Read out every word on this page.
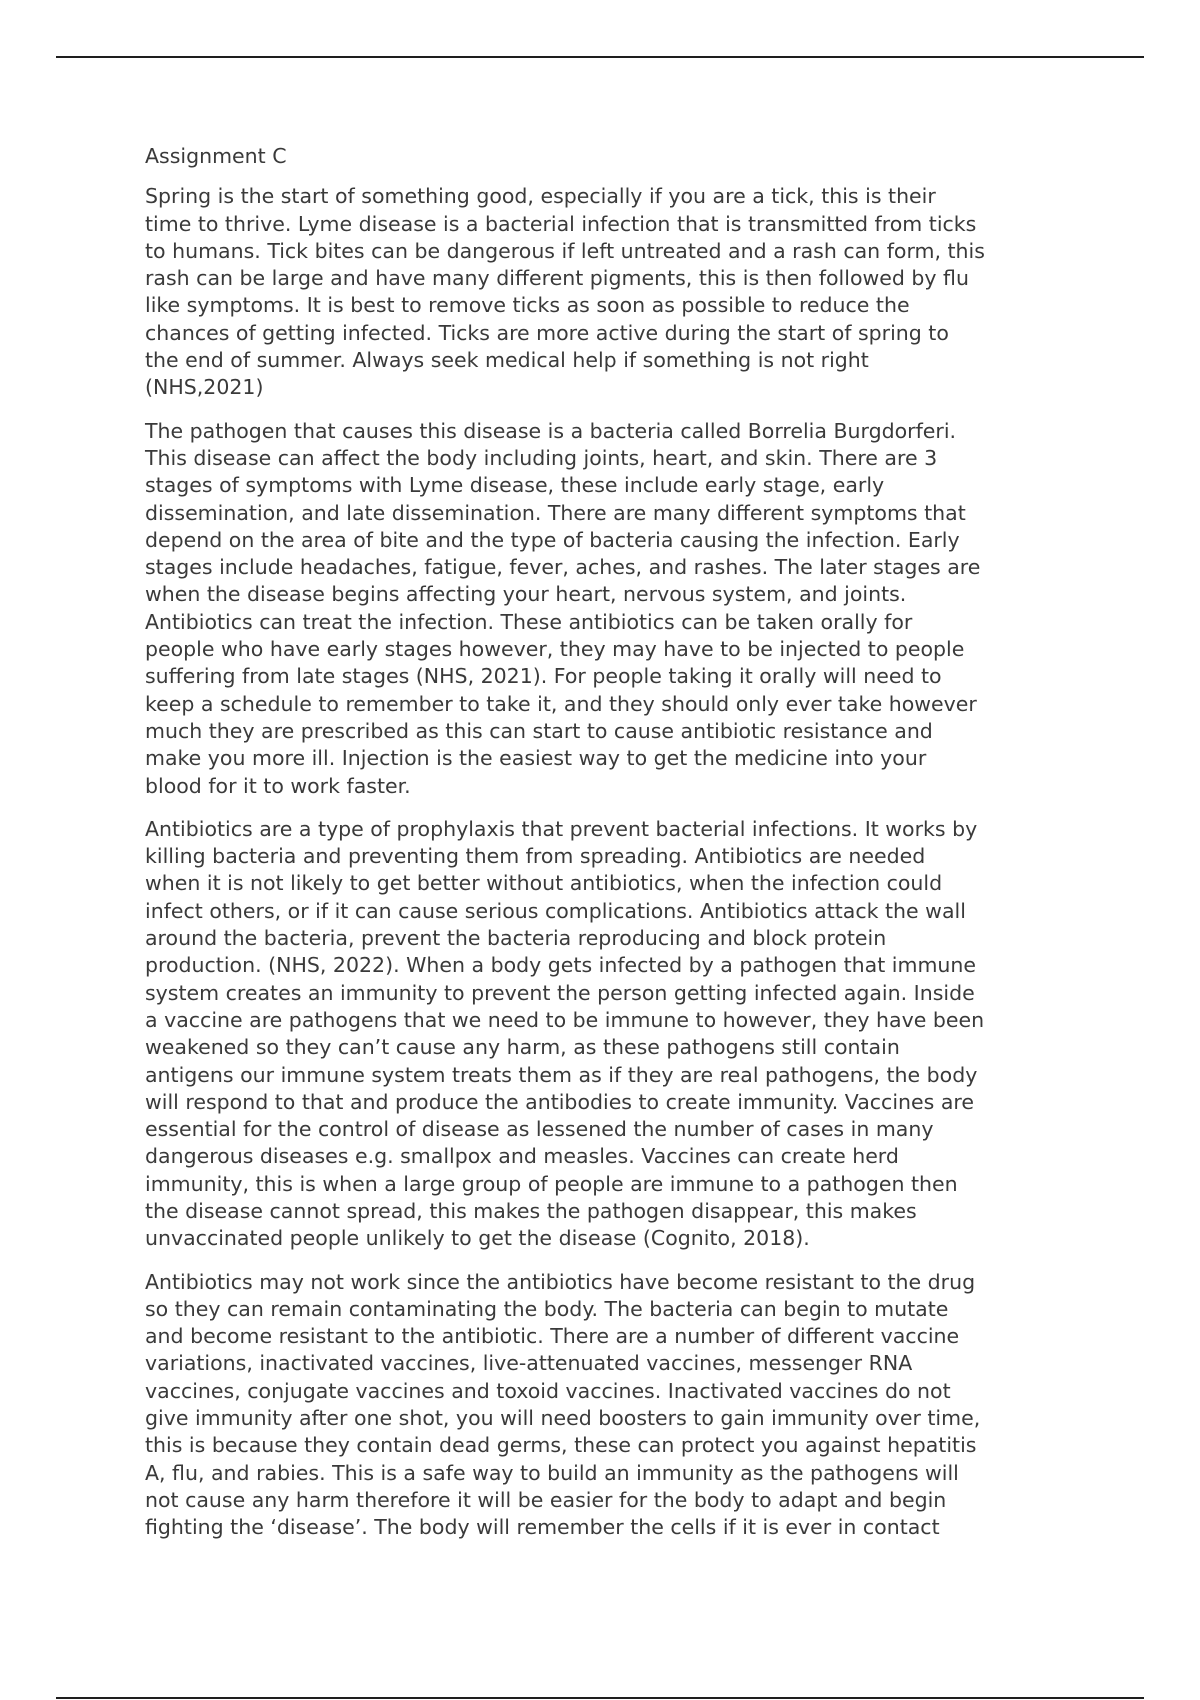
Assignment C

Spring is the start of something good, especially if you are a tick, this is their
time to thrive. Lyme disease is a bacterial infection that is transmitted from ticks
to humans. Tick bites can be dangerous if left untreated and a rash can form, this
rash can be large and have many different pigments, this is then followed by flu
like symptoms. It is best to remove ticks as soon as possible to reduce the
chances of getting infected. Ticks are more active during the start of spring to
the end of summer. Always seek medical help if something is not right
(NHS,2021)

The pathogen that causes this disease is a bacteria called Borrelia Burgdorferi.
This disease can affect the body including joints, heart, and skin. There are 3
stages of symptoms with Lyme disease, these include early stage, early
dissemination, and late dissemination. There are many different symptoms that
depend on the area of bite and the type of bacteria causing the infection. Early
stages include headaches, fatigue, fever, aches, and rashes. The later stages are
when the disease begins affecting your heart, nervous system, and joints.
Antibiotics can treat the infection. These antibiotics can be taken orally for
people who have early stages however, they may have to be injected to people
suffering from late stages (NHS, 2021). For people taking it orally will need to
keep a schedule to remember to take it, and they should only ever take however
much they are prescribed as this can start to cause antibiotic resistance and
make you more ill. Injection is the easiest way to get the medicine into your
blood for it to work faster.

Antibiotics are a type of prophylaxis that prevent bacterial infections. It works by
killing bacteria and preventing them from spreading. Antibiotics are needed
when it is not likely to get better without antibiotics, when the infection could
infect others, or if it can cause serious complications. Antibiotics attack the wall
around the bacteria, prevent the bacteria reproducing and block protein
production. (NHS, 2022). When a body gets infected by a pathogen that immune
system creates an immunity to prevent the person getting infected again. Inside
a vaccine are pathogens that we need to be immune to however, they have been
weakened so they can’t cause any harm, as these pathogens still contain
antigens our immune system treats them as if they are real pathogens, the body
will respond to that and produce the antibodies to create immunity. Vaccines are
essential for the control of disease as lessened the number of cases in many
dangerous diseases e.g. smallpox and measles. Vaccines can create herd
immunity, this is when a large group of people are immune to a pathogen then
the disease cannot spread, this makes the pathogen disappear, this makes
unvaccinated people unlikely to get the disease (Cognito, 2018).

Antibiotics may not work since the antibiotics have become resistant to the drug
so they can remain contaminating the body. The bacteria can begin to mutate
and become resistant to the antibiotic. There are a number of different vaccine
variations, inactivated vaccines, live-attenuated vaccines, messenger RNA
vaccines, conjugate vaccines and toxoid vaccines. Inactivated vaccines do not
give immunity after one shot, you will need boosters to gain immunity over time,
this is because they contain dead germs, these can protect you against hepatitis
A, flu, and rabies. This is a safe way to build an immunity as the pathogens will
not cause any harm therefore it will be easier for the body to adapt and begin
fighting the ‘disease’. The body will remember the cells if it is ever in contact
